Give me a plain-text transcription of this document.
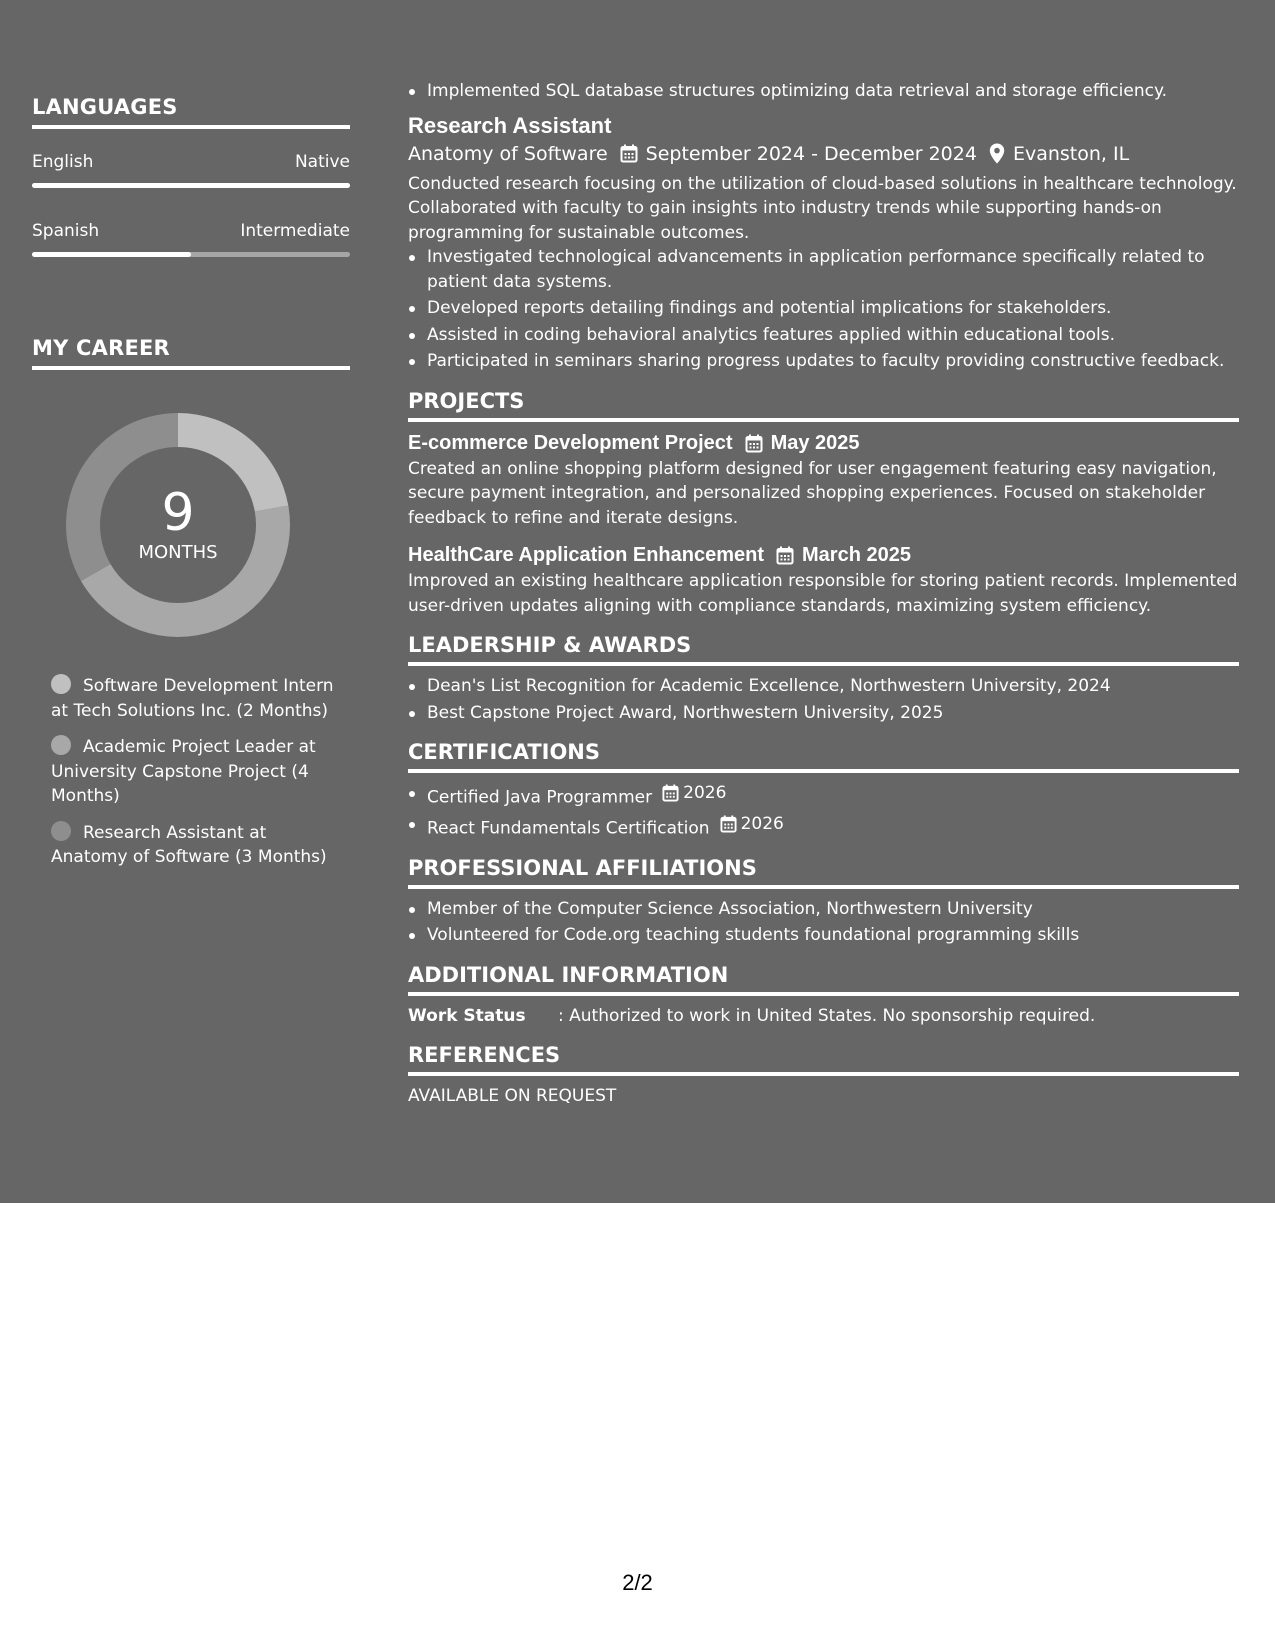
LANGUAGES
English	Native
Spanish	Intermediate
MY CAREER
9
MONTHS
Software Development Intern at Tech Solutions Inc. (2 Months)
Academic Project Leader at University Capstone Project (4 Months)
Research Assistant at Anatomy of Software (3 Months)
Implemented SQL database structures optimizing data retrieval and storage efficiency.
Research Assistant
Anatomy of Software September 2024 - December 2024 Evanston, IL
Conducted research focusing on the utilization of cloud-based solutions in healthcare technology. Collaborated with faculty to gain insights into industry trends while supporting hands-on programming for sustainable outcomes.
Investigated technological advancements in application performance specifically related to patient data systems.
Developed reports detailing findings and potential implications for stakeholders.
Assisted in coding behavioral analytics features applied within educational tools.
Participated in seminars sharing progress updates to faculty providing constructive feedback.
PROJECTS
E-commerce Development Project May 2025
Created an online shopping platform designed for user engagement featuring easy navigation, secure payment integration, and personalized shopping experiences. Focused on stakeholder feedback to refine and iterate designs.
HealthCare Application Enhancement March 2025
Improved an existing healthcare application responsible for storing patient records. Implemented user-driven updates aligning with compliance standards, maximizing system efficiency.
LEADERSHIP & AWARDS
Dean's List Recognition for Academic Excellence, Northwestern University, 2024
Best Capstone Project Award, Northwestern University, 2025
CERTIFICATIONS
Certified Java Programmer 2026
React Fundamentals Certification 2026
PROFESSIONAL AFFILIATIONS
Member of the Computer Science Association, Northwestern University
Volunteered for Code.org teaching students foundational programming skills
ADDITIONAL INFORMATION
Work Status	: Authorized to work in United States. No sponsorship required.
REFERENCES
AVAILABLE ON REQUEST
2/2
